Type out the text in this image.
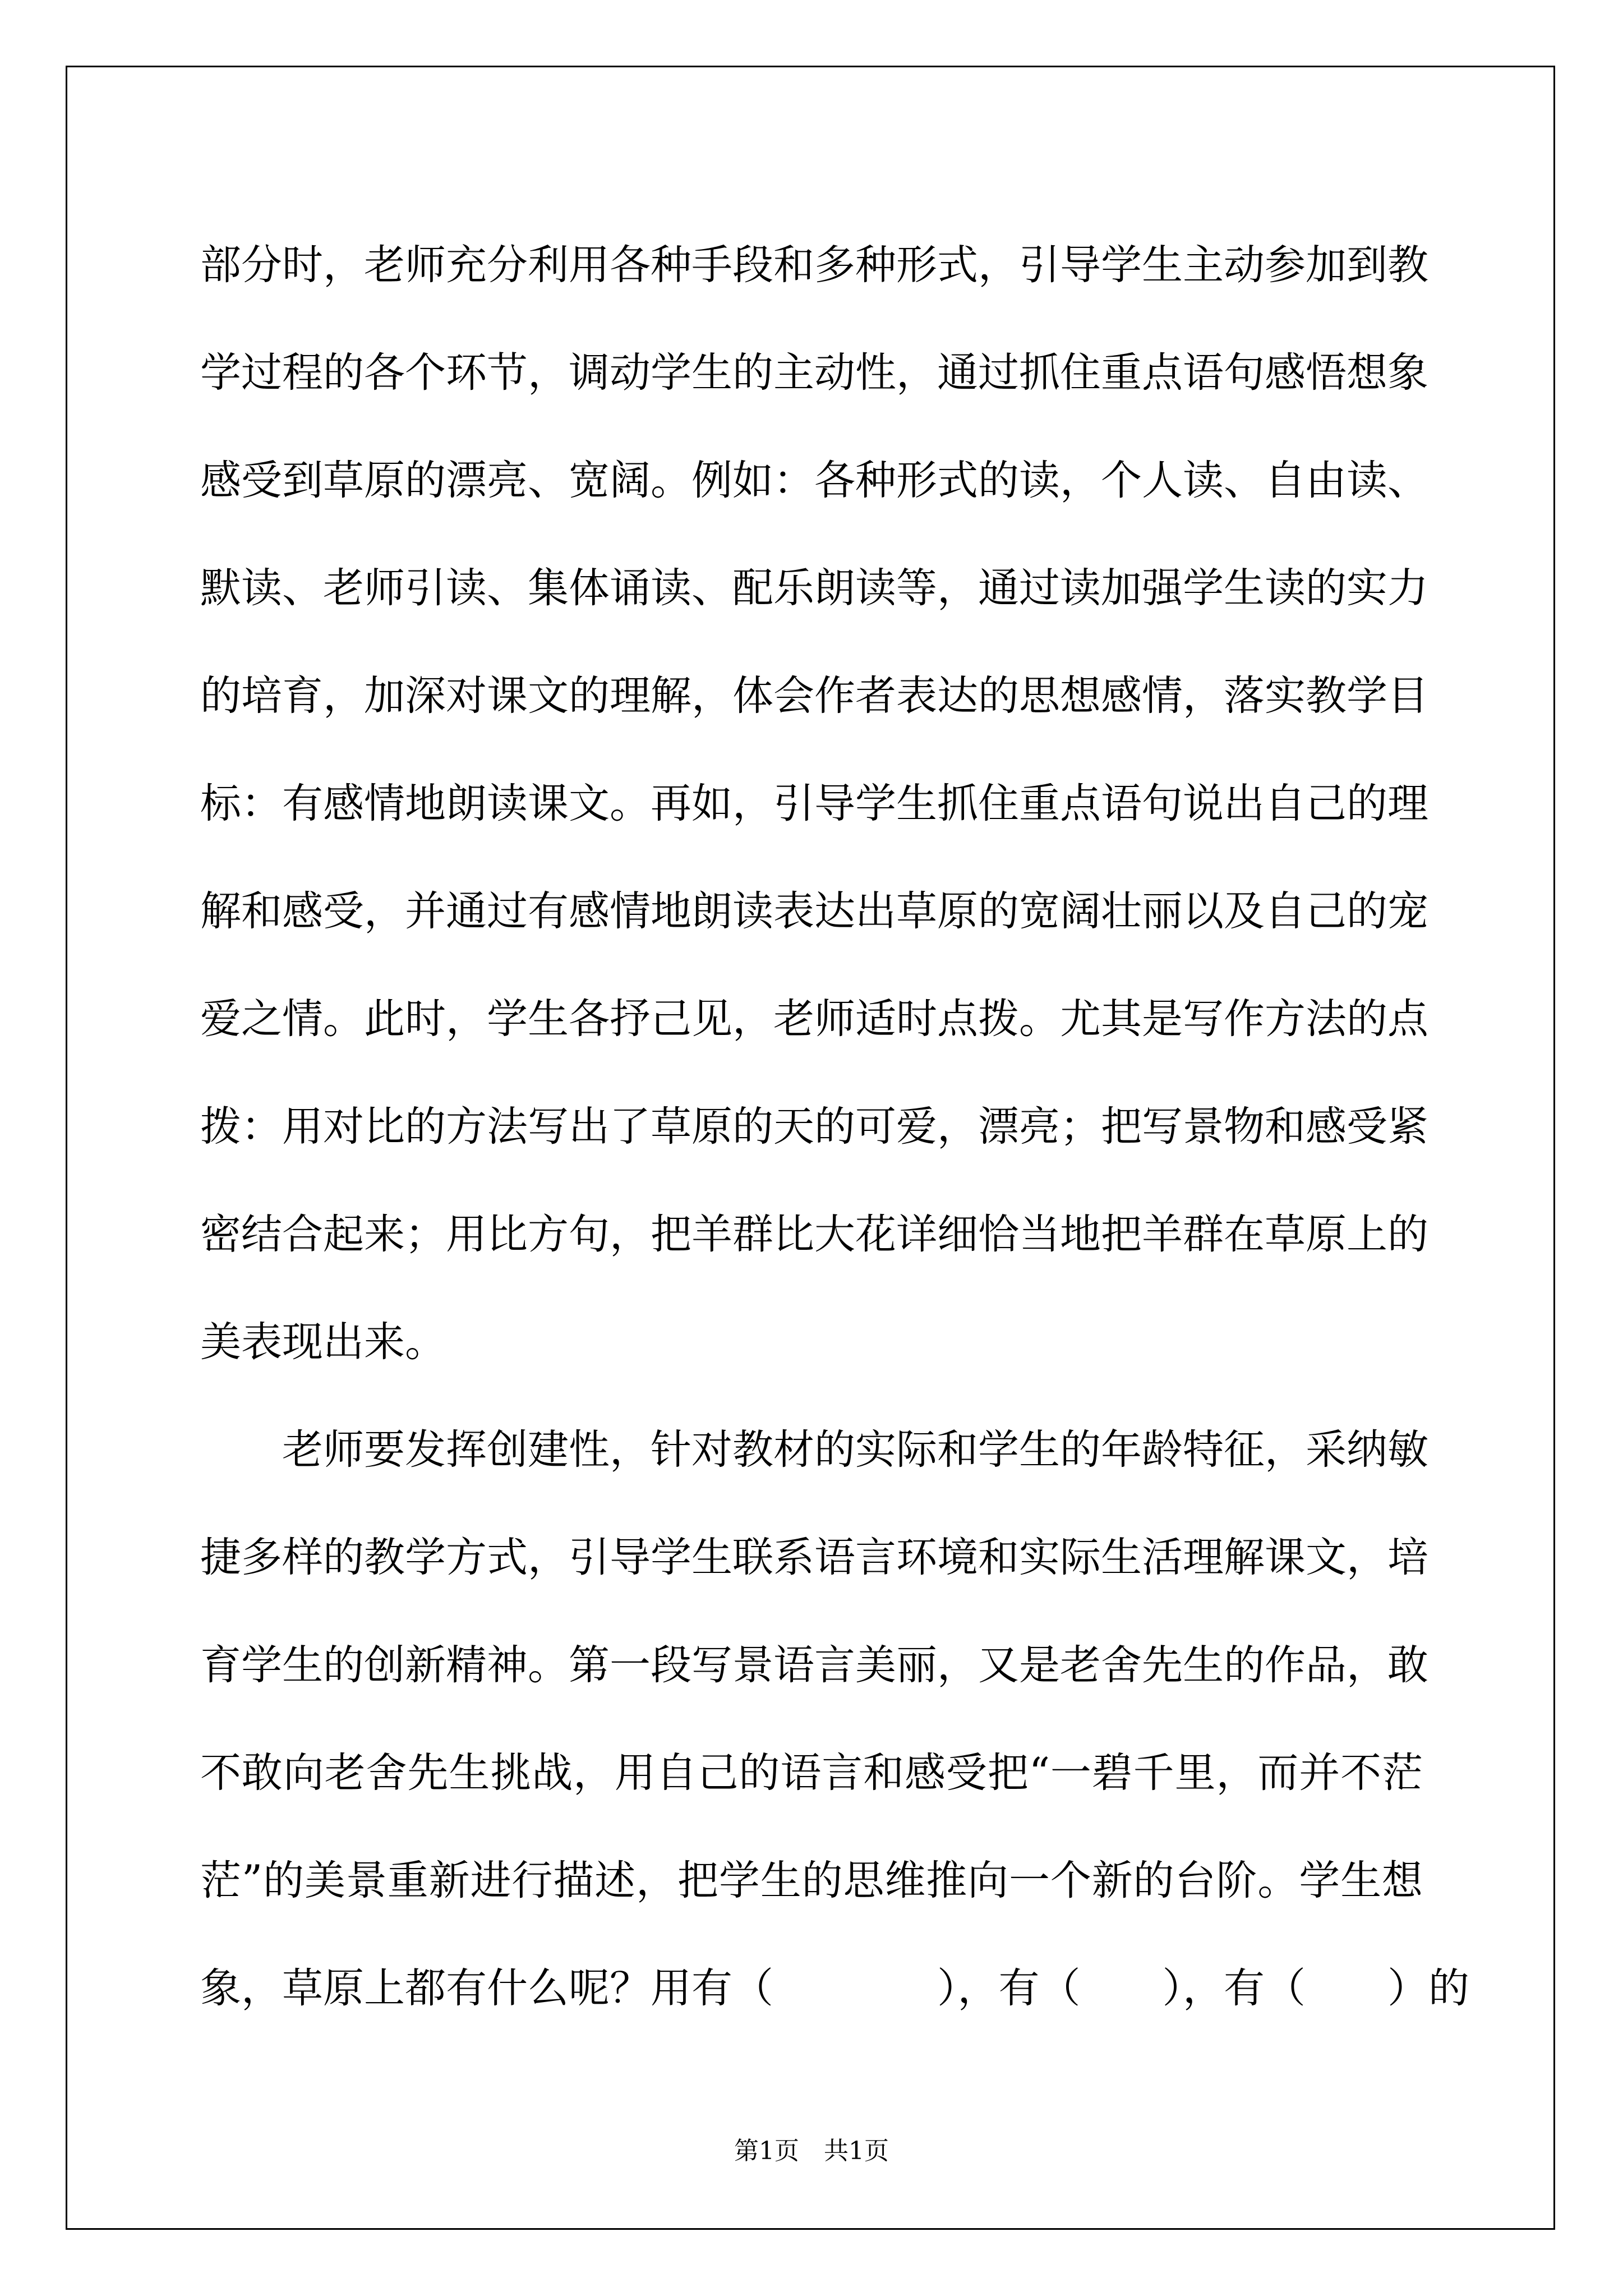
部分时，老师充分利用各种手段和多种形式，引导学生主动参加到教
学过程的各个环节，调动学生的主动性，通过抓住重点语句感悟想象
感受到草原的漂亮、宽阔。例如：各种形式的读，个人读、自由读、
默读、老师引读、集体诵读、配乐朗读等，通过读加强学生读的实力
的培育，加深对课文的理解，体会作者表达的思想感情，落实教学目
标：有感情地朗读课文。再如，引导学生抓住重点语句说出自己的理
解和感受，并通过有感情地朗读表达出草原的宽阔壮丽以及自己的宠
爱之情。此时，学生各抒己见，老师适时点拨。尤其是写作方法的点
拨：用对比的方法写出了草原的天的可爱，漂亮；把写景物和感受紧
密结合起来；用比方句，把羊群比大花详细恰当地把羊群在草原上的
美表现出来。
老师要发挥创建性，针对教材的实际和学生的年龄特征，采纳敏
捷多样的教学方式，引导学生联系语言环境和实际生活理解课文，培
育学生的创新精神。第一段写景语言美丽，又是老舍先生的作品，敢
不敢向老舍先生挑战，用自己的语言和感受把“一碧千里，而并不茫
茫”的美景重新进行描述，把学生的思维推向一个新的台阶。学生想
象，草原上都有什么呢？用有（　　　　），有（　　），有（　　）的
第1页　共1页
